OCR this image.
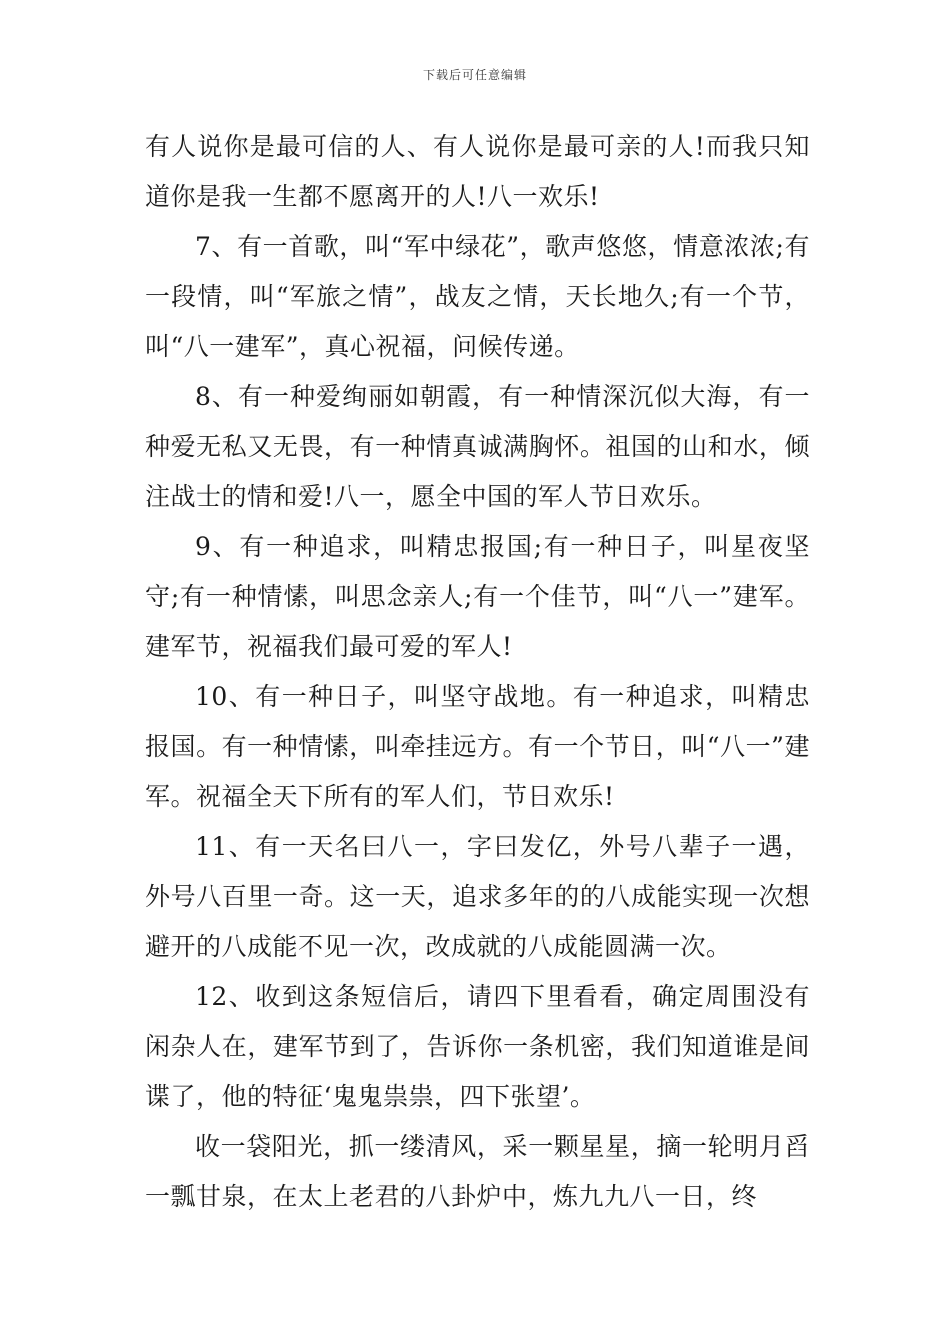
下载后可任意编辑

有人说你是最可信的人、有人说你是最可亲的人!而我只知道你是我一生都不愿离开的人!八一欢乐!

7、有一首歌，叫“军中绿花”，歌声悠悠，情意浓浓;有一段情，叫“军旅之情”，战友之情，天长地久;有一个节，叫“八一建军”，真心祝福，问候传递。

8、有一种爱绚丽如朝霞，有一种情深沉似大海，有一种爱无私又无畏，有一种情真诚满胸怀。祖国的山和水，倾注战士的情和爱!八一，愿全中国的军人节日欢乐。

9、有一种追求，叫精忠报国;有一种日子，叫星夜坚守;有一种情愫，叫思念亲人;有一个佳节，叫“八一”建军。建军节，祝福我们最可爱的军人!

10、有一种日子，叫坚守战地。有一种追求，叫精忠报国。有一种情愫，叫牵挂远方。有一个节日，叫“八一”建军。祝福全天下所有的军人们，节日欢乐!

11、有一天名曰八一，字曰发亿，外号八辈子一遇，外号八百里一奇。这一天，追求多年的的八成能实现一次想避开的八成能不见一次，改成就的八成能圆满一次。

12、收到这条短信后，请四下里看看，确定周围没有闲杂人在，建军节到了，告诉你一条机密，我们知道谁是间谍了，他的特征‘鬼鬼祟祟，四下张望’。

收一袋阳光，抓一缕清风，采一颗星星，摘一轮明月舀一瓢甘泉，在太上老君的八卦炉中，炼九九八一日，终
